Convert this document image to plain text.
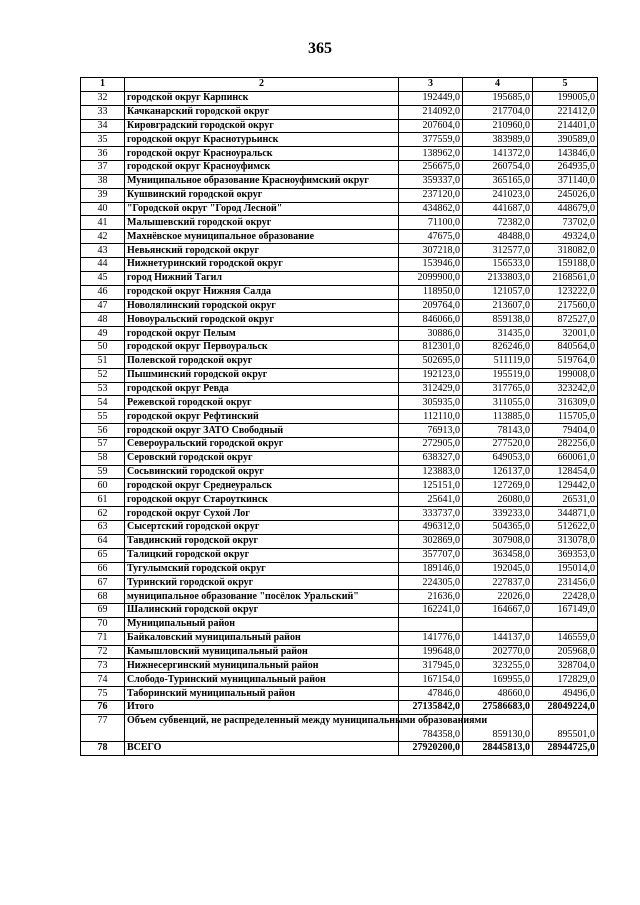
365
1	2	3	4	5
32	городской округ Карпинск	192449,0	195685,0	199005,0
33	Качканарский городской округ	214092,0	217704,0	221412,0
34	Кировградский городской округ	207604,0	210960,0	214401,0
35	городской округ Краснотурьинск	377559,0	383989,0	390589,0
36	городской округ Красноуральск	138962,0	141372,0	143846,0
37	городской округ Красноуфимск	256675,0	260754,0	264935,0
38	Муниципальное образование Красноуфимский округ	359337,0	365165,0	371140,0
39	Кушвинский городской округ	237120,0	241023,0	245026,0
40	"Городской округ "Город Лесной"	434862,0	441687,0	448679,0
41	Малышевский городской округ	71100,0	72382,0	73702,0
42	Махнёвское муниципальное образование	47675,0	48488,0	49324,0
43	Невьянский городской округ	307218,0	312577,0	318082,0
44	Нижнетуринский городской округ	153946,0	156533,0	159188,0
45	город Нижний Тагил	2099900,0	2133803,0	2168561,0
46	городской округ Нижняя Салда	118950,0	121057,0	123222,0
47	Новолялинский городской округ	209764,0	213607,0	217560,0
48	Новоуральский городской округ	846066,0	859138,0	872527,0
49	городской округ Пелым	30886,0	31435,0	32001,0
50	городской округ Первоуральск	812301,0	826246,0	840564,0
51	Полевской городской округ	502695,0	511119,0	519764,0
52	Пышминский городской округ	192123,0	195519,0	199008,0
53	городской округ Ревда	312429,0	317765,0	323242,0
54	Режевской городской округ	305935,0	311055,0	316309,0
55	городской округ Рефтинский	112110,0	113885,0	115705,0
56	городской округ ЗАТО Свободный	76913,0	78143,0	79404,0
57	Североуральский городской округ	272905,0	277520,0	282256,0
58	Серовский городской округ	638327,0	649053,0	660061,0
59	Сосьвинский городской округ	123883,0	126137,0	128454,0
60	городской округ Среднеуральск	125151,0	127269,0	129442,0
61	городской округ Староуткинск	25641,0	26080,0	26531,0
62	городской округ Сухой Лог	333737,0	339233,0	344871,0
63	Сысертский городской округ	496312,0	504365,0	512622,0
64	Тавдинский городской округ	302869,0	307908,0	313078,0
65	Талицкий городской округ	357707,0	363458,0	369353,0
66	Тугулымский городской округ	189146,0	192045,0	195014,0
67	Туринский городской округ	224305,0	227837,0	231456,0
68	муниципальное образование "посёлок Уральский"	21636,0	22026,0	22428,0
69	Шалинский городской округ	162241,0	164667,0	167149,0
70	Муниципальный район			
71	Байкаловский муниципальный район	141776,0	144137,0	146559,0
72	Камышловский муниципальный район	199648,0	202770,0	205968,0
73	Нижнесергинский муниципальный район	317945,0	323255,0	328704,0
74	Слободо-Туринский муниципальный район	167154,0	169955,0	172829,0
75	Таборинский муниципальный район	47846,0	48660,0	49496,0
76	Итого	27135842,0	27586683,0	28049224,0
77	Объем субвенций, не распределенный между муниципальными образованиями	784358,0	859130,0	895501,0
78	ВСЕГО	27920200,0	28445813,0	28944725,0
